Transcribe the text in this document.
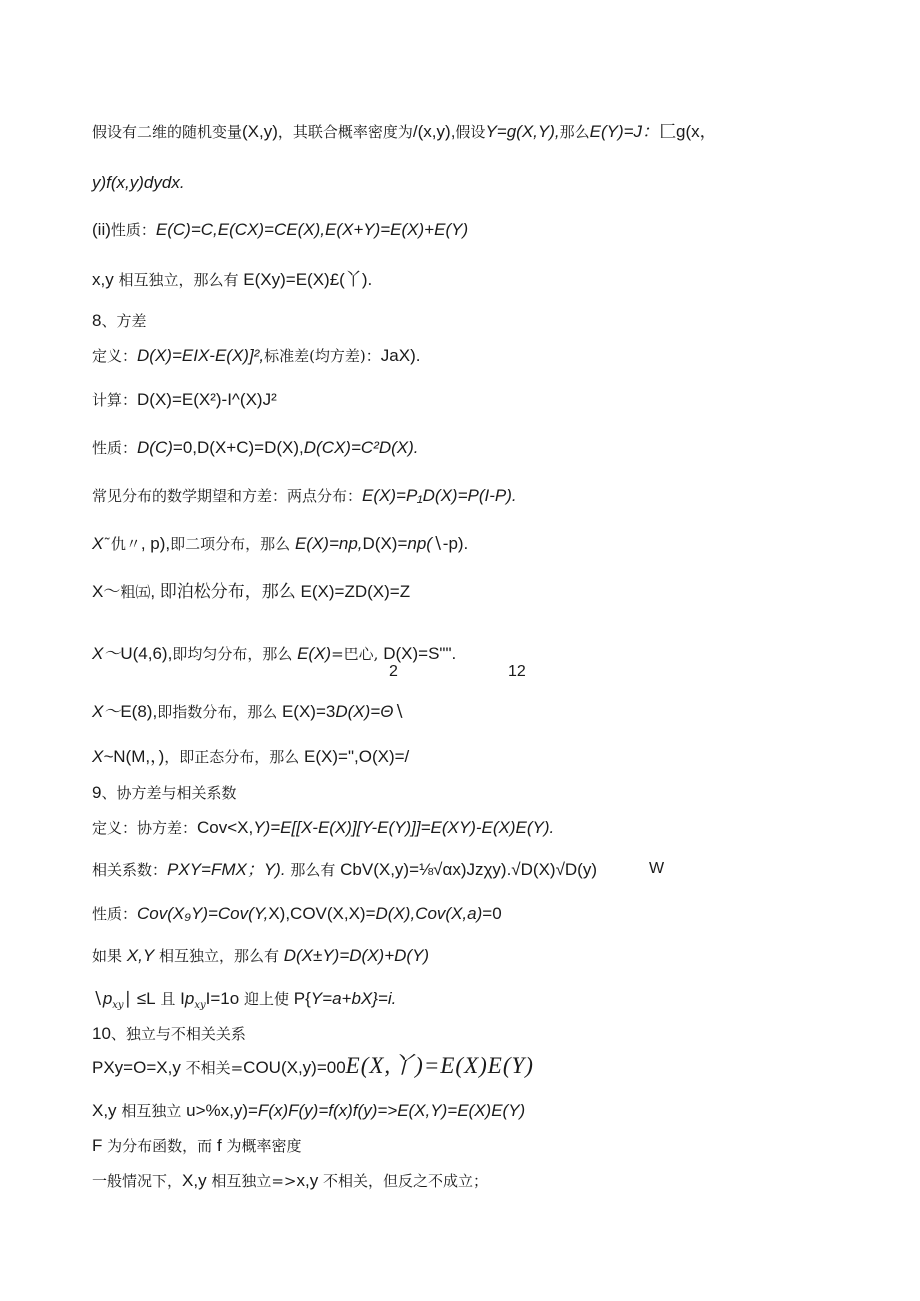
假设有二维的随机变量(X,y)，其联合概率密度为/(x,y),假设Y=g(X,Y),那么E(Y)=J：匚g(x，
y)f(x,y)dydx.
(ii)性质：E(C)=C,E(CX)=CE(X),E(X+Y)=E(X)+E(Y)
x,y 相互独立，那么有 E(Xy)=E(X)£(丫).
8、方差
定义：D(X)=EIX-E(X)]²,标准差(均方差)：JaX).
计算：D(X)=E(X²)-I^(X)J²
性质：D(C)=0,D(X+C)=D(X),D(CX)=C²D(X).
常见分布的数学期望和方差：两点分布：E(X)=P₁D(X)=P(I-P).
X˜仇〃, p),即二项分布，那么 E(X)=np,D(X)=np(∖-p).
X～粗㈤, 即泊松分布，那么 E(X)=ZD(X)=Z
X～U(4,6),即均匀分布，那么 E(X)=巴心, D(X)=S"".
2	12
X～E(8),即指数分布，那么 E(X)=3D(X)=Θ∖
X~N(M,，)，即正态分布，那么 E(X)=",O(X)=/
9、协方差与相关系数
定义：协方差：Cov<X,Y)=E[[X-E(X)][Y-E(Y)]]=E(XY)-E(X)E(Y).
相关系数：PXY=FMX；Y). 那么有 CbV(X,y)=⅛√αx)Jzχy).√D(X)√D(y)	W
性质：Cov(X₉Y)=Cov(Y,X),COV(X,X)=D(X),Cov(X,a)=0
如果 X,Y 相互独立，那么有 D(X±Y)=D(X)+D(Y)
$∖p_{xy}∣ \le L$ 且 $Ip_{xy}I=1o$ 迎上使 P{Y=a+bX}=i.
10、独立与不相关关系
PXy=O=X,y 不相关=COU(X,y)=00E(X,丫)=E(X)E(Y)
X,y 相互独立 u>%x,y)=F(x)F(y)=f(x)f(y)=>E(X,Y)=E(X)E(Y)
F 为分布函数，而 f 为概率密度
一般情况下，X,y 相互独立=>x,y 不相关，但反之不成立；
